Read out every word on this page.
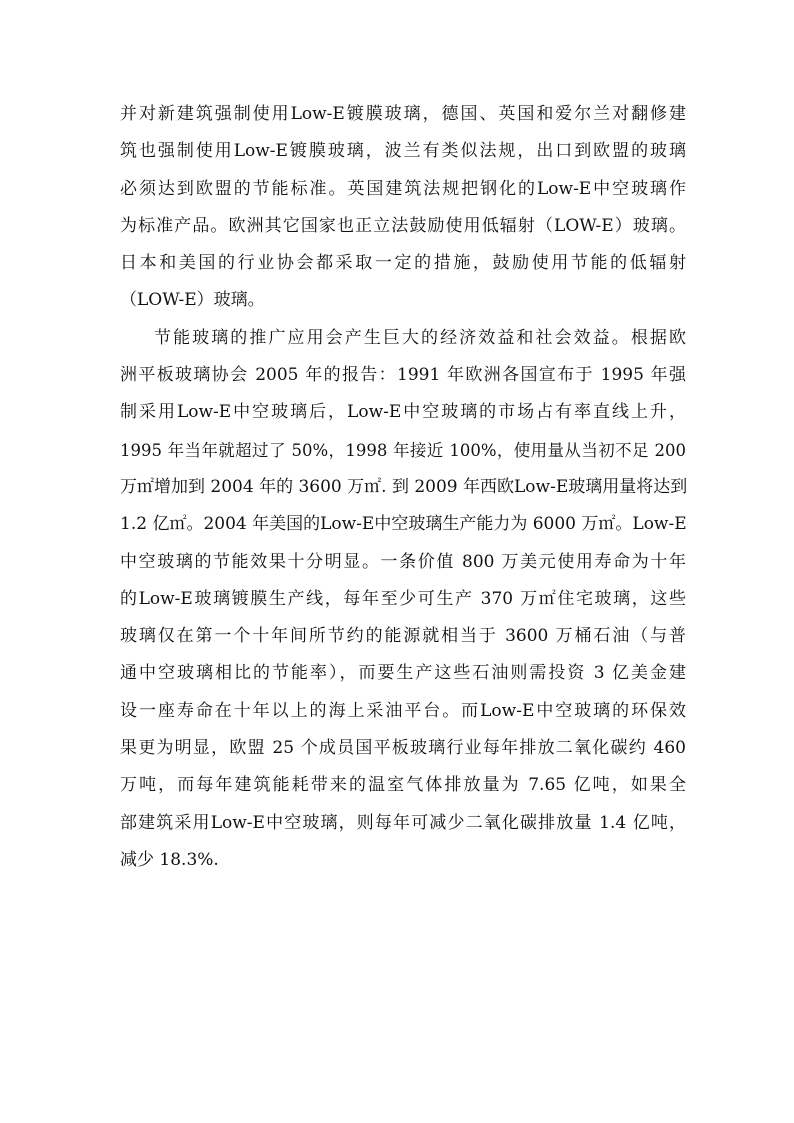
并对新建筑强制使用Low-E镀膜玻璃，德国、英国和爱尔兰对翻修建
筑也强制使用Low-E镀膜玻璃，波兰有类似法规，出口到欧盟的玻璃
必须达到欧盟的节能标准。英国建筑法规把钢化的Low-E中空玻璃作
为标准产品。欧洲其它国家也正立法鼓励使用低辐射（LOW-E）玻璃。
日本和美国的行业协会都采取一定的措施，鼓励使用节能的低辐射
（LOW-E）玻璃。
节能玻璃的推广应用会产生巨大的经济效益和社会效益。根据欧
洲平板玻璃协会 2005 年的报告：1991 年欧洲各国宣布于 1995 年强
制采用Low-E中空玻璃后，Low-E中空玻璃的市场占有率直线上升，
1995 年当年就超过了 50%，1998 年接近 100%，使用量从当初不足 200
万㎡增加到 2004 年的 3600 万㎡. 到 2009 年西欧Low-E玻璃用量将达到
1.2 亿㎡。2004 年美国的Low-E中空玻璃生产能力为 6000 万㎡。Low-E
中空玻璃的节能效果十分明显。一条价值 800 万美元使用寿命为十年
的Low-E玻璃镀膜生产线，每年至少可生产 370 万㎡住宅玻璃，这些
玻璃仅在第一个十年间所节约的能源就相当于 3600 万桶石油（与普
通中空玻璃相比的节能率），而要生产这些石油则需投资 3 亿美金建
设一座寿命在十年以上的海上采油平台。而Low-E中空玻璃的环保效
果更为明显，欧盟 25 个成员国平板玻璃行业每年排放二氧化碳约 460
万吨，而每年建筑能耗带来的温室气体排放量为 7.65 亿吨，如果全
部建筑采用Low-E中空玻璃，则每年可减少二氧化碳排放量 1.4 亿吨，
减少 18.3%.
